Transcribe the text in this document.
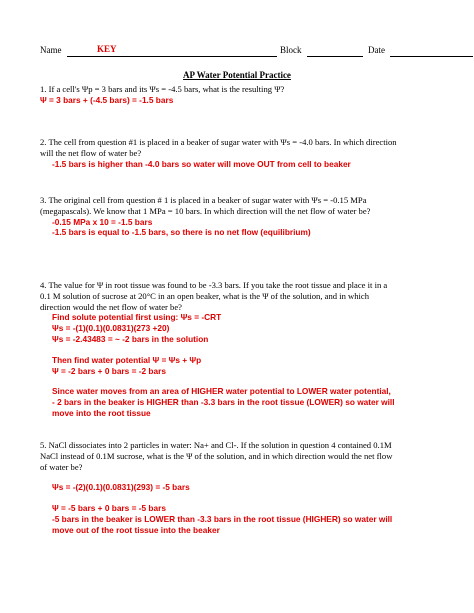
Name	KEY	Block	Date
AP Water Potential Practice

1. If a cell's Ψp = 3 bars and its Ψs = -4.5 bars, what is the resulting Ψ?

Ψ = 3 bars + (-4.5 bars) = -1.5 bars

2. The cell from question #1 is placed in a beaker of sugar water with Ψs = -4.0 bars. In which direction

will the net flow of water be?

-1.5 bars is higher than -4.0 bars so water will move OUT from cell to beaker

3. The original cell from question # 1 is placed in a beaker of sugar water with Ψs = -0.15 MPa

(megapascals). We know that 1 MPa = 10 bars. In which direction will the net flow of water be?

-0.15 MPa x 10 = -1.5 bars

-1.5 bars is equal to -1.5 bars, so there is no net flow (equilibrium)

4. The value for Ψ in root tissue was found to be -3.3 bars. If you take the root tissue and place it in a

0.1 M solution of sucrose at 20°C in an open beaker, what is the Ψ of the solution, and in which

direction would the net flow of water be?

Find solute potential first using: Ψs = -CRT

Ψs = -(1)(0.1)(0.0831)(273 +20)

Ψs = -2.43483 = ~ -2 bars in the solution

Then find water potential Ψ = Ψs + Ψp

Ψ = -2 bars + 0 bars = -2 bars

Since water moves from an area of HIGHER water potential to LOWER water potential,

- 2 bars in the beaker is HIGHER than -3.3 bars in the root tissue (LOWER) so water will

move into the root tissue

5. NaCl dissociates into 2 particles in water: Na+ and Cl-. If the solution in question 4 contained 0.1M

NaCl instead of 0.1M sucrose, what is the Ψ of the solution, and in which direction would the net flow

of water be?

Ψs = -(2)(0.1)(0.0831)(293) = -5 bars

Ψ = -5 bars + 0 bars = -5 bars

-5 bars in the beaker is LOWER than -3.3 bars in the root tissue (HIGHER) so water will

move out of the root tissue into the beaker
